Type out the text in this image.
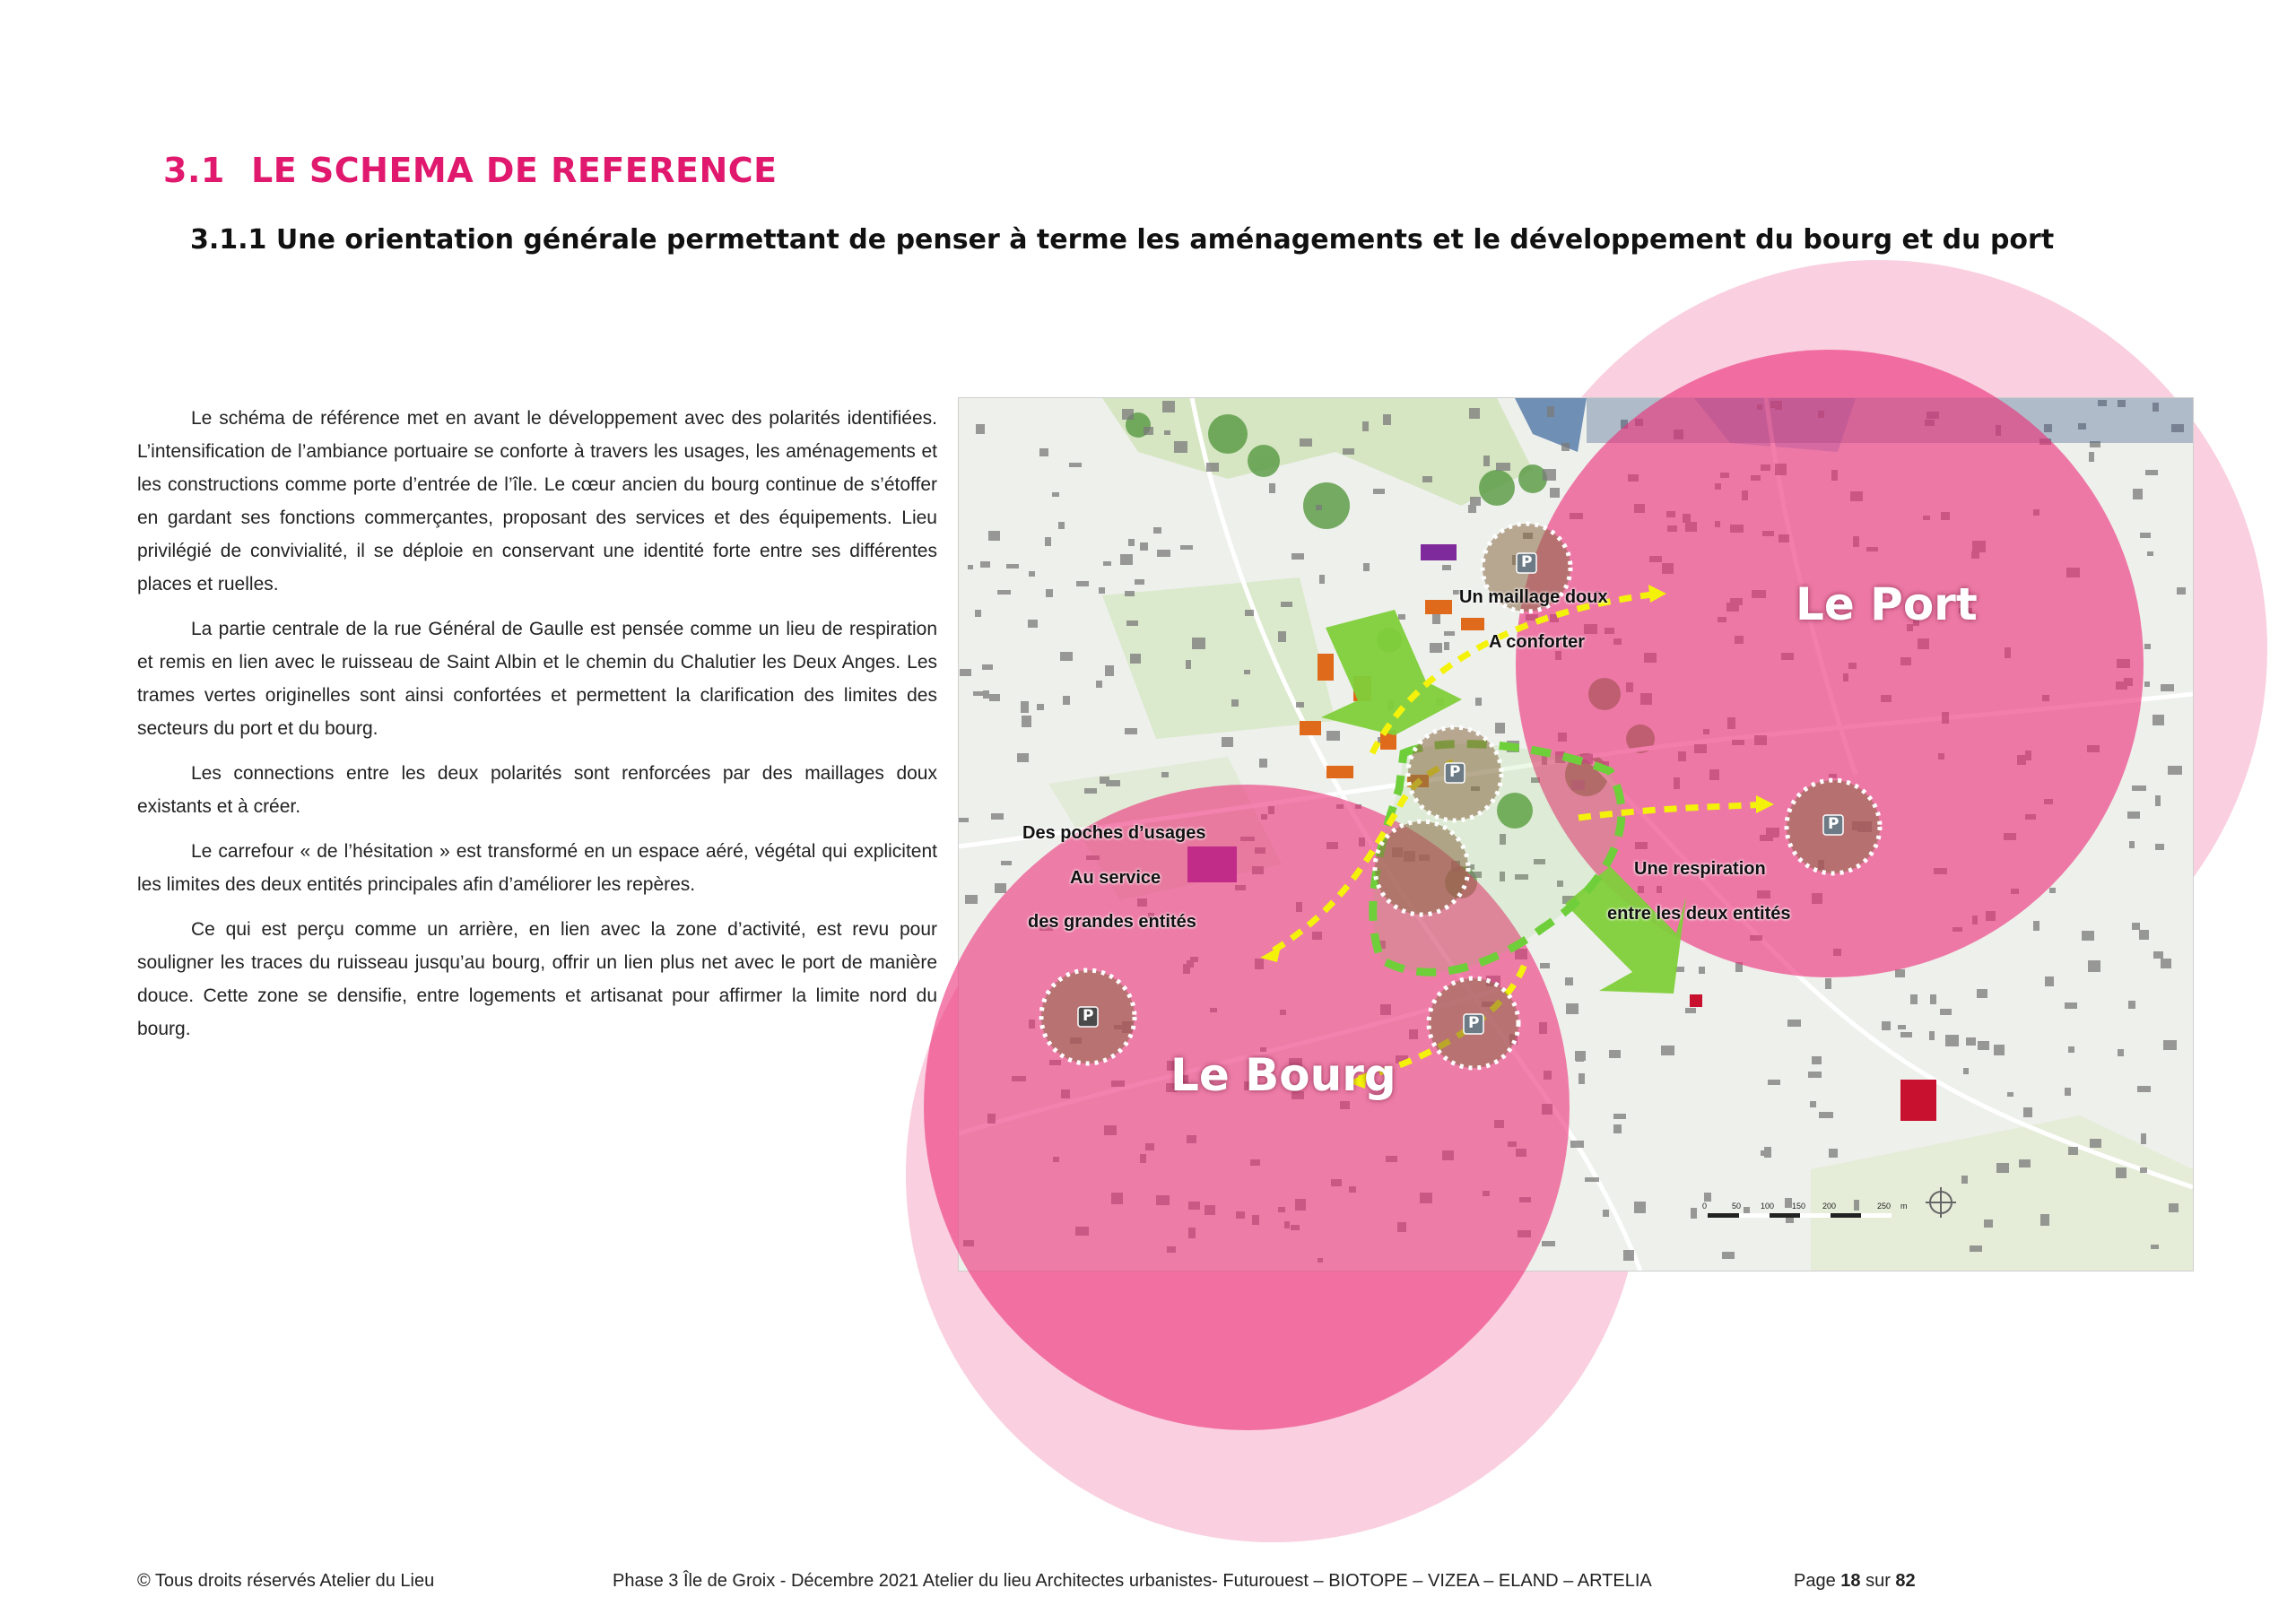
3.1 LE SCHEMA DE REFERENCE
3.1.1 Une orientation générale permettant de penser à terme les aménagements et le développement du bourg et du port

Le schéma de référence met en avant le développement avec des polarités identifiées. L’intensification de l’ambiance portuaire se conforte à travers les usages, les aménagements et les constructions comme porte d’entrée de l’île. Le cœur ancien du bourg continue de s’étoffer en gardant ses fonctions commerçantes, proposant des services et des équipements. Lieu privilégié de convivialité, il se déploie en conservant une identité forte entre ses différentes places et ruelles.

La partie centrale de la rue Général de Gaulle est pensée comme un lieu de respiration et remis en lien avec le ruisseau de Saint Albin et le chemin du Chalutier les Deux Anges. Les trames vertes originelles sont ainsi confortées et permettent la clarification des limites des secteurs du port et du bourg.

Les connections entre les deux polarités sont renforcées par des maillages doux existants et à créer.

Le carrefour « de l’hésitation » est transformé en un espace aéré, végétal qui explicitent les limites des deux entités principales afin d’améliorer les repères.

Ce qui est perçu comme un arrière, en lien avec la zone d’activité, est revu pour souligner les traces du ruisseau jusqu’au bourg, offrir un lien plus net avec le port de manière douce. Cette zone se densifie, entre logements et artisanat pour affirmer la limite nord du bourg.

0	50 100 150 200	250 m
P
P
P
P	P
Le Port
Le Bourg
Un maillage doux
A conforter
Des poches d’usages
Au service
des grandes entités
Une respiration
entre les deux entités
© Tous droits réservés Atelier du Lieu	Phase 3 Île de Groix - Décembre 2021 Atelier du lieu Architectes urbanistes- Futurouest – BIOTOPE – VIZEA – ELAND – ARTELIA	Page 18 sur 82
